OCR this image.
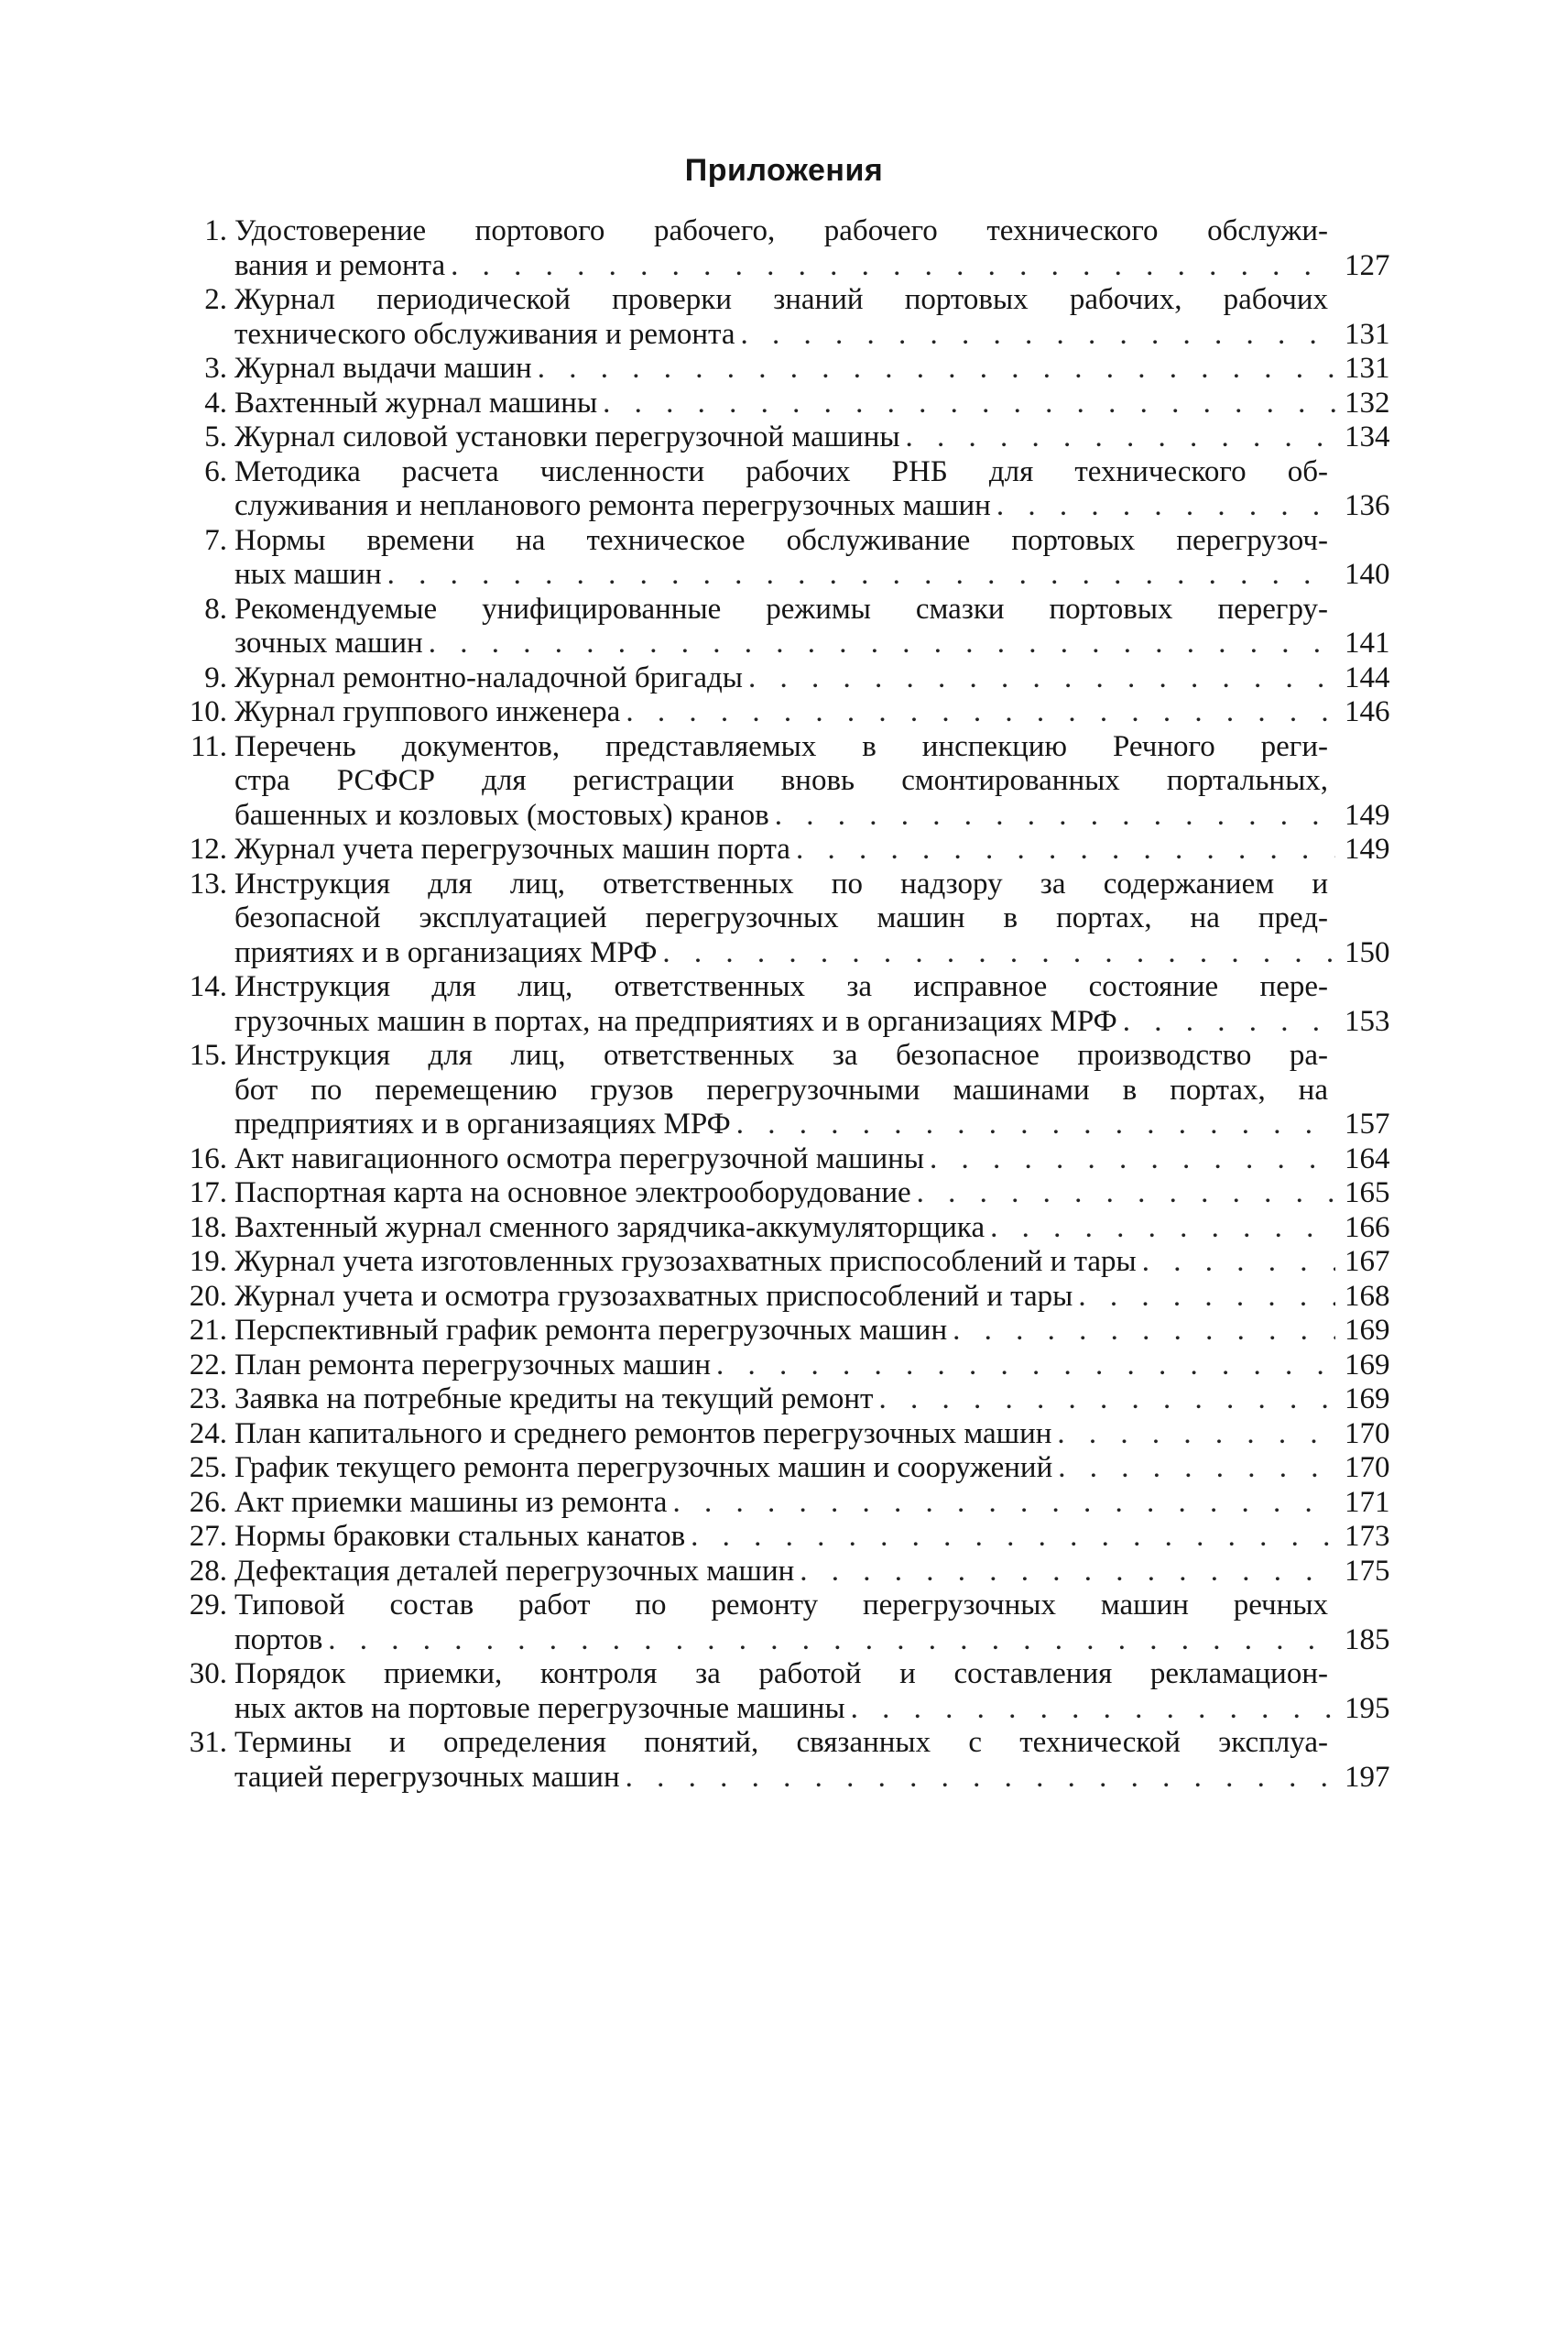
Приложения
1. Удостоверение портового рабочего, рабочего технического обслужи-
вания и ремонта . . .	127
2. Журнал периодической проверки знаний портовых рабочих, рабочих
технического обслуживания и ремонта . . .	131
3. Журнал выдачи машин . . .	131
4. Вахтенный журнал машины . . .	132
5. Журнал силовой установки перегрузочной машины . . .	134
6. Методика расчета численности рабочих РНБ для технического об-
служивания и непланового ремонта перегрузочных машин . . .	136
7. Нормы времени на техническое обслуживание портовых перегрузоч-
ных машин . . .	140
8. Рекомендуемые унифицированные режимы смазки портовых перегру-
зочных машин . . .	141
9. Журнал ремонтно-наладочной бригады . . .	144
10. Журнал группового инженера . . .	146
11. Перечень документов, представляемых в инспекцию Речного реги-
стра РСФСР для регистрации вновь смонтированных портальных,
башенных и козловых (мостовых) кранов . . .	149
12. Журнал учета перегрузочных машин порта . . .	149
13. Инструкция для лиц, ответственных по надзору за содержанием и
безопасной эксплуатацией перегрузочных машин в портах, на пред-
приятиях и в организациях МРФ . . .	150
14. Инструкция для лиц, ответственных за исправное состояние пере-
грузочных машин в портах, на предприятиях и в организациях МРФ . . .	153
15. Инструкция для лиц, ответственных за безопасное производство ра-
бот по перемещению грузов перегрузочными машинами в портах, на
предприятиях и в организаяциях МРФ . . .	157
16. Акт навигационного осмотра перегрузочной машины . . .	164
17. Паспортная карта на основное электрооборудование . . .	165
18. Вахтенный журнал сменного зарядчика-аккумуляторщика . . .	166
19. Журнал учета изготовленных грузозахватных приспособлений и тары . . .	167
20. Журнал учета и осмотра грузозахватных приспособлений и тары . . .	168
21. Перспективный график ремонта перегрузочных машин . . .	169
22. План ремонта перегрузочных машин . . .	169
23. Заявка на потребные кредиты на текущий ремонт . . .	169
24. План капитального и среднего ремонтов перегрузочных машин . . .	170
25. График текущего ремонта перегрузочных машин и сооружений . . .	170
26. Акт приемки машины из ремонта . . .	171
27. Нормы браковки стальных канатов . . .	173
28. Дефектация деталей перегрузочных машин . . .	175
29. Типовой состав работ по ремонту перегрузочных машин речных
портов . . .	185
30. Порядок приемки, контроля за работой и составления рекламацион-
ных актов на портовые перегрузочные машины . . .	195
31. Термины и определения понятий, связанных с технической эксплуа-
тацией перегрузочных машин . . .	197
